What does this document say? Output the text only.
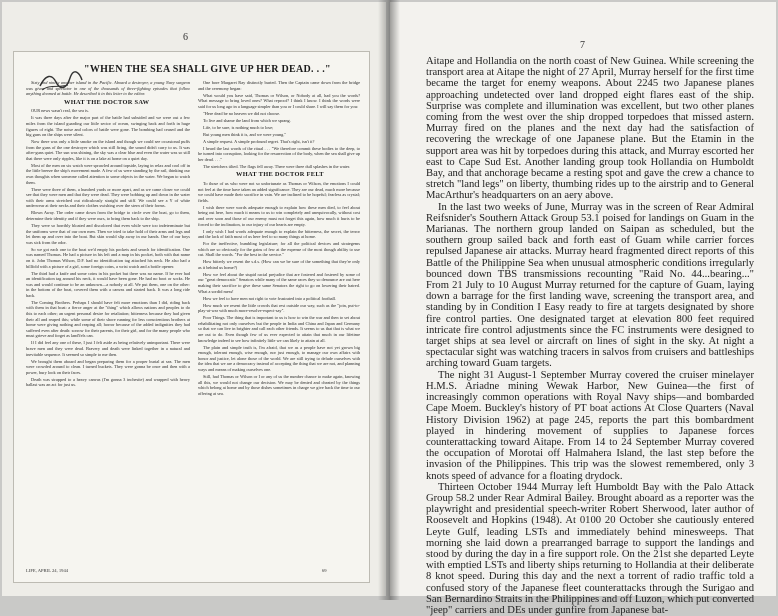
6
"WHEN THE SEA SHALL GIVE UP HER DEAD. . ."

Sixty and ninety another island in the Pacific. Aboard a destroyer, a young Navy surgeon was given and spectator in one of the thousands of three-fighting episodes that follow anything doomed at battle. He described it in this letter to the editor.

WHAT THE DOCTOR SAW

OUR news wasn't real, the sea is.

It was three days after the major part of the battle had subsided and we were out a few miles from the island guarding our little sector of ocean, swinging back and forth in huge figures of eight. The noise and colors of battle were gone. The bombing had ceased and the big guns on the ships were silent.

Now there was only a little smoke on the island and though we could see occasional puffs from the guns of the one destroyer which was still firing, the sound didn't carry to us. It was after-guns quiet. The sun was shining, the sky was a clear blue and even the water was so still that there were only ripples, like it is on a lake at home on a quiet day.

Most of the men on six watch were sprawled around topside, laying in relax and cool off in the little breeze the ship's movement made. A few of us were standing by the rail, thinking our own thoughts when someone called attention to some objects in the water. We began to watch them.

There were three of them, a hundred yards or more apart, and as we came closer we could see that they were men and that they were dead. They were bobbing up and down in the water with their arms stretched out ridiculously straight and stiff. We could see a Y of white underwear at their necks and their clothes swishing over the stern of their forms.

Blown Away. The order came down from the bridge to circle over the boat, go to them, determine their identity and if they were ours, to bring them back to the ship.

They were so horribly bloated and discolored that even while were too indeterminate but the uniforms were that of our own men. Then we tried to take hold of their arms and legs and let them up and over into the boat. But skin would slip away in our hands. One of our boys was sick from the odor.

So we got each one to the boat we'd empty his pockets and search for identification. One was named Thomas. He had a picture in his left and a map in his pocket, both with that name on it. John Thomas Wilson, D.F. had no identification tag attached his neck. He also had a billfold with a picture of a girl, some foreign coins, a wrist watch and a bottle opener.

The third had a knife and some coins in his pocket but there was no name. If he ever had an identification tag around his neck, it would have been gone. He had no boot or socks. He was and would continue to be an unknown—a nobody at all. We put them, one on the other: in the bottom of the boat, covered them with a canvas and started back. It was a long ride back.

The Coming Brothers. Perhaps I should have felt more emotions than I did, riding back with them in that boat: a fierce anger at the "thing" which allows nations and peoples to do this to each other; an urgent personal desire for retaliation; bitterness because they had given their all and reaped this; while some of their shore running for less conscientious brothers at home were giving nothing and reaping all; horror because of the added indignities they had suffered even after death: sorrow for their parents, for their girl, and for the many people who must grieve and forget as land'fels can.

If I did feel any one of these, I just I felt aside as being relatively unimportant. There were brave men and they were dead. Bravery and death were linked together in a natural and inevitable sequence. It seemed so simple to me then.

We brought them aboard and began preparing them for a proper burial at sea. The men were crowded around to clean. I turned buckets. They were gonna be once and then with a power, bury look on their faces.

Death was strapped to a heavy canvas (I'm gonna 3 inchesite) and wrapped with heavy ballast was an act for just us.

One bore Margaret Ray distinctly buried. Then the Captain came down from the bridge and the ceremony began:

What would you have said, Thomas or Wilson, or Nobody at all, had you the words? What message to bring loved ones? What reproof? I think I know. I think the words were said for us long ago in a language simpler than you or I could share. I will say them for you:

"Here dead be no heaven we did not choose.

To live and shame the land from which we sprang.

Life, to be sure, is nothing much to lose;

But young men think it is, and we were young."

A simple request. A simple profound regret. That's right, isn't it?

I heard the last words of the ritual . . . "We therefore commit these bodies to the deep, to be turned into corruption, looking for the resurrection of the body, when the sea shall give up her dead. . . ."

The stretchers tilted. The flags fell away. There were three dull splashes in the water.

WHAT THE DOCTOR FELT

To those of us who were not so unfortunate as Thomas or Wilson, the emotions I could not feel at the time have taken an added significance. They are our dead, much more because we could have made their sacrifice in vain. We are inclined to be hopeful; fearless as crystal; fields.

I wish there were words adequate enough to explain how these men died, to feel about being out here, how much it means to us to win completely and unequivocally, without cost and over soon and those of our enemy must not forget this again, how much it hurts to be forced to the inclination, to our injury of our hearts are empty.

I only wish I had words adequate enough to explain the bitterness, the secret, the terror and the lack of faith most of us here feel to so many things at home.

For the ineffective, bumbling legislature; for all the political devices and strategems which are so obviously for the gains of few at the expense of the most though ability to use cut. Shall the words. "For the best in the service."

How bitterly we resent the s.d.s. (How can we be sure of the something that they're only as it behind us home?)

How we feel about the stupid racial prejudice that are fostered and fostered by some of our "great democratic" Senators while many of the same races they so denounce are out here making their sacrifice to give these same Senators the right to go on lowering their hatred. What a sordid mess!

How we feel to have men not right to vote frustrated into a political football.

How much we resent the little crowds that rest outside our way, such as the "join, put-to-play-at-war with much more-resolve-expect-say".

Poor Things. The thing that is important to us is how to win the war and then to set about rehabilitating not only ourselves but the people in India and China and Japan and Germany so that we can live in brighter and call each other friends. It seems to us that that is what we are out to do. Even though few of us ever expected to attain that much in our lifetime knowledge indeed to see how infinitely little we can likely to attain at all.

The plain and simple truth is, I'm afraid, that we as a people have not yet grown big enough, tolerant enough, wise enough, nor just enough, to manage our own affairs with honor and justice, let alone those of the world. We are still trying to delude ourselves with the idea that we are a democracy instead of accepting the thing that we are not, and planning ways and means of making ourselves one.

Still, had Thomas or Wilson or I or any of us the number chance to make again, knowing all this, we would not change our decision. We may be denied and cheated by the things which belong at home and by those dishes sometimes in charge we give back the time to our offering at sea.

LIFE, APRIL 24, 1944	69
7

Aitape and Hollandia on the north coast of New Guinea. While screening the transport area at Aitape the night of 27 April, Murray herself for the first time became the target for enemy weapons. About 2245 two Japanese planes approaching undetected over land dropped eight flares east of the ship. Surprise was complete and illumination was excellent, but two other planes coming from the west over the ship dropped torpedoes that missed astern. Murray fired on the planes and the next day had the satisfaction of recovering the wreckage of one Japanese plane. But the Etamin in the support area was hit by torpedoes during this attack, and Murray escorted her east to Cape Sud Est. Another landing group took Hollandia on Humboldt Bay, and that anchorage became a resting spot and gave the crew a chance to stretch "land legs" on liberty, thumbing rides up to the airstrip and to General MacArthur's headquarters on an aery above.

In the last two weeks of June, Murray was in the screen of Rear Admiral Reifsnider's Southern Attack Group 53.1 poised for landings on Guam in the Marianas. The northern group landed on Saipan as scheduled, but the southern group sailed back and forth east of Guam while carrier forces repulsed Japanese air attacks. Murray heard fragmented direct reports of this Battle of the Philippine Sea when unusual atmospheric conditions irregularly bounced down TBS transmissions recounting "Raid No. 44...bearing..." From 21 July to 10 August Murray returned for the capture of Guam, laying down a barrage for the first landing wave, screening the transport area, and standing by in Condition I Easy ready to fire at targets designated by shore fire control parties. One designated target at elevation 800 feet required intricate fire control adjustments since the FC instruments were designed to target ships at sea level or aircraft on lines of sight in the sky. At night a spectacular sight was watching tracers in salvos from cruisers and battleships arching toward Guam targets.

The night 31 August-1 September Murray covered the cruiser minelayer H.M.S. Ariadne mining Wewak Harbor, New Guinea—the first of increasingly common operations with Royal Navy ships—and bombarded Cape Moem. Buckley's history of PT boat actions At Close Quarters (Naval History Division 1962) at page 245, reports the part this bombardment played in hindering movement of supplies to Japanese forces counterattacking toward Aitape. From 14 to 24 September Murray covered the occupation of Morotai off Halmahera Island, the last step before the invasion of the Philippines. This trip was the slowest remembered, only 3 knots speed of advance for a floating drydock.

Thirteen October 1944 Murray left Humboldt Bay with the Palo Attack Group 58.2 under Rear Admiral Bailey. Brought aboard as a reporter was the playwright and presidential speech-writer Robert Sherwood, later author of Roosevelt and Hopkins (1948). At 0100 20 October she cautiously entered Leyte Gulf, leading LSTs and immediately behind minesweeps. That morning she laid down a prearranged barrage to support the landings and stood by during the day in a fire support role. On the 21st she departed Leyte with emptied LSTs and liberty ships returning to Hollandia at their deliberate 8 knot speed. During this day and the next a torrent of radio traffic told a confused story of the Japanese fleet counterattacks through the Surigao and San Bernardino Straits in the Philippines and off Luzon, which put converted "jeep" carriers and DEs under gunfire from Japanese bat-
